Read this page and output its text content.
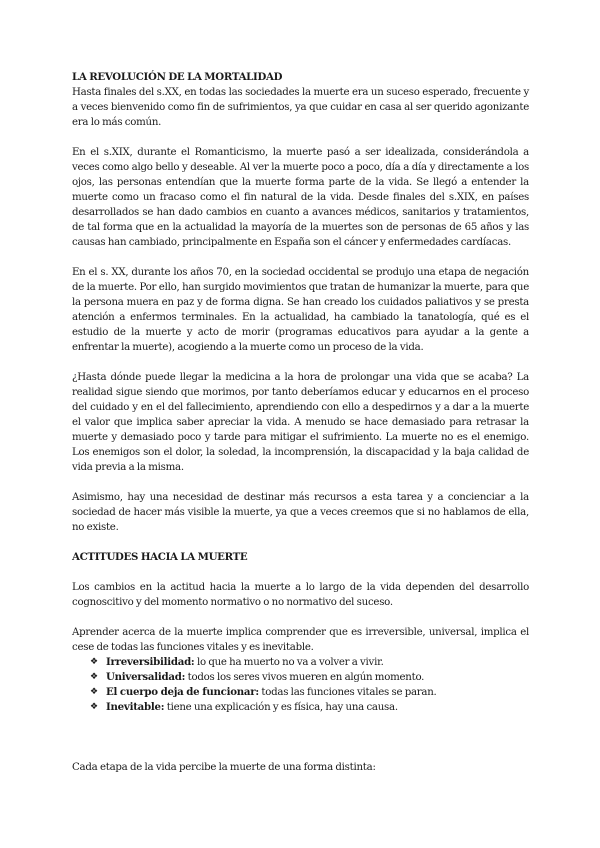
LA REVOLUCIÓN DE LA MORTALIDAD

Hasta finales del s.XX, en todas las sociedades la muerte era un suceso esperado, frecuente y a veces bienvenido como fin de sufrimientos, ya que cuidar en casa al ser querido agonizante era lo más común.

En el s.XIX, durante el Romanticismo, la muerte pasó a ser idealizada, considerándola a veces como algo bello y deseable. Al ver la muerte poco a poco, día a día y directamente a los ojos, las personas entendían que la muerte forma parte de la vida. Se llegó a entender la muerte como un fracaso como el fin natural de la vida. Desde finales del s.XIX, en países desarrollados se han dado cambios en cuanto a avances médicos, sanitarios y tratamientos, de tal forma que en la actualidad la mayoría de la muertes son de personas de 65 años y las causas han cambiado, principalmente en España son el cáncer y enfermedades cardíacas.

En el s. XX, durante los años 70, en la sociedad occidental se produjo una etapa de negación de la muerte. Por ello, han surgido movimientos que tratan de humanizar la muerte, para que la persona muera en paz y de forma digna. Se han creado los cuidados paliativos y se presta atención a enfermos terminales. En la actualidad, ha cambiado la tanatología, qué es el estudio de la muerte y acto de morir (programas educativos para ayudar a la gente a enfrentar la muerte), acogiendo a la muerte como un proceso de la vida.

¿Hasta dónde puede llegar la medicina a la hora de prolongar una vida que se acaba? La realidad sigue siendo que morimos, por tanto deberíamos educar y educarnos en el proceso del cuidado y en el del fallecimiento, aprendiendo con ello a despedirnos y a dar a la muerte el valor que implica saber apreciar la vida. A menudo se hace demasiado para retrasar la muerte y demasiado poco y tarde para mitigar el sufrimiento. La muerte no es el enemigo. Los enemigos son el dolor, la soledad, la incomprensión, la discapacidad y la baja calidad de vida previa a la misma.

Asimismo, hay una necesidad de destinar más recursos a esta tarea y a concienciar a la sociedad de hacer más visible la muerte, ya que a veces creemos que si no hablamos de ella, no existe.

ACTITUDES HACIA LA MUERTE

Los cambios en la actitud hacia la muerte a lo largo de la vida dependen del desarrollo cognoscitivo y del momento normativo o no normativo del suceso.

Aprender acerca de la muerte implica comprender que es irreversible, universal, implica el cese de todas las funciones vitales y es inevitable.

❖ Irreversibilidad: lo que ha muerto no va a volver a vivir.
❖ Universalidad: todos los seres vivos mueren en algún momento.
❖ El cuerpo deja de funcionar: todas las funciones vitales se paran.
❖ Inevitable: tiene una explicación y es física, hay una causa.

Cada etapa de la vida percibe la muerte de una forma distinta:
